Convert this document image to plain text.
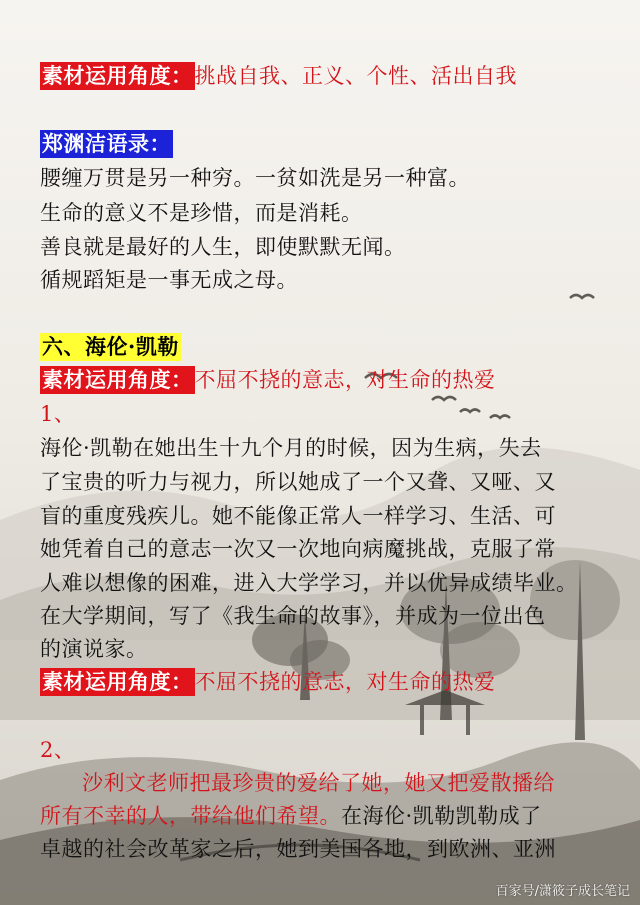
素材运用角度：挑战自我、正义、个性、活出自我
郑渊洁语录：
腰缠万贯是另一种穷。一贫如洗是另一种富。
生命的意义不是珍惜，而是消耗。
善良就是最好的人生，即使默默无闻。
循规蹈矩是一事无成之母。
六、海伦·凯勒
素材运用角度：不屈不挠的意志，对生命的热爱
1、
海伦·凯勒在她出生十九个月的时候，因为生病，失去
了宝贵的听力与视力，所以她成了一个又聋、又哑、又
盲的重度残疾儿。她不能像正常人一样学习、生活、可
她凭着自己的意志一次又一次地向病魔挑战，克服了常
人难以想像的困难，进入大学学习，并以优异成绩毕业。
在大学期间，写了《我生命的故事》，并成为一位出色
的演说家。
素材运用角度：不屈不挠的意志，对生命的热爱
2、
沙利文老师把最珍贵的爱给了她，她又把爱散播给
所有不幸的人，带给他们希望。在海伦·凯勒凯勒成了
卓越的社会改革家之后，她到美国各地，到欧洲、亚洲
百家号/潇筱子成长笔记
